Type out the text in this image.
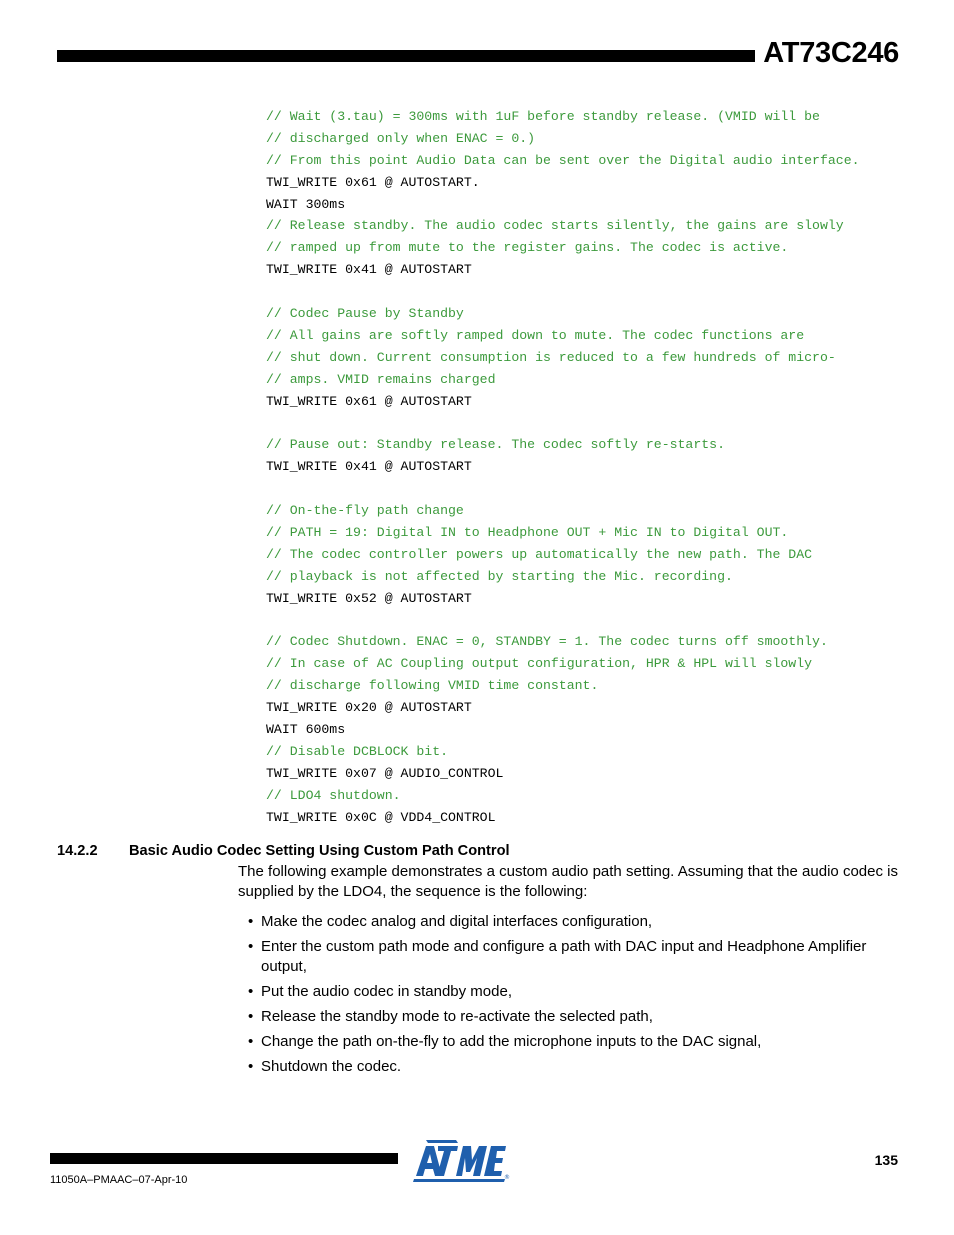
AT73C246
// Wait (3.tau) = 300ms with 1uF before standby release. (VMID will be
// discharged only when ENAC = 0.)
// From this point Audio Data can be sent over the Digital audio interface.
TWI_WRITE 0x61 @ AUTOSTART.
WAIT 300ms
// Release standby. The audio codec starts silently, the gains are slowly
// ramped up from mute to the register gains. The codec is active.
TWI_WRITE 0x41 @ AUTOSTART
// Codec Pause by Standby
// All gains are softly ramped down to mute. The codec functions are
// shut down. Current consumption is reduced to a few hundreds of micro-
// amps. VMID remains charged
TWI_WRITE 0x61 @ AUTOSTART
// Pause out: Standby release. The codec softly re-starts.
TWI_WRITE 0x41 @ AUTOSTART
// On-the-fly path change
// PATH = 19: Digital IN to Headphone OUT + Mic IN to Digital OUT.
// The codec controller powers up automatically the new path. The DAC
// playback is not affected by starting the Mic. recording.
TWI_WRITE 0x52 @ AUTOSTART
// Codec Shutdown. ENAC = 0, STANDBY = 1. The codec turns off smoothly.
// In case of AC Coupling output configuration, HPR & HPL will slowly
// discharge following VMID time constant.
TWI_WRITE 0x20 @ AUTOSTART
WAIT 600ms
// Disable DCBLOCK bit.
TWI_WRITE 0x07 @ AUDIO_CONTROL
// LDO4 shutdown.
TWI_WRITE 0x0C @ VDD4_CONTROL
14.2.2 Basic Audio Codec Setting Using Custom Path Control
The following example demonstrates a custom audio path setting. Assuming that the audio codec is supplied by the LDO4, the sequence is the following:
• Make the codec analog and digital interfaces configuration,
• Enter the custom path mode and configure a path with DAC input and Headphone Amplifier output,
• Put the audio codec in standby mode,
• Release the standby mode to re-activate the selected path,
• Change the path on-the-fly to add the microphone inputs to the DAC signal,
• Shutdown the codec.
®
135
11050A–PMAAC–07-Apr-10
